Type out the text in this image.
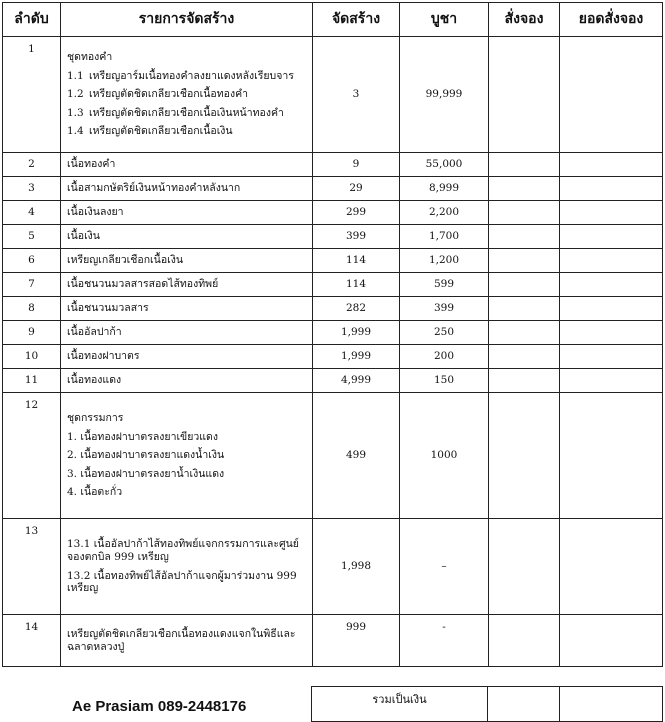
ลำดับ	รายการจัดสร้าง	จัดสร้าง	บูชา	สั่งจอง	ยอดสั่งจอง
1	ชุดทองคำ
1.1 เหรียญอาร์มเนื้อทองคำลงยาแดงหลังเรียบจาร
1.2 เหรียญตัดชิดเกลียวเชือกเนื้อทองคำ
1.3 เหรียญตัดชิดเกลียวเชือกเนื้อเงินหน้าทองคำ
1.4 เหรียญตัดชิดเกลียวเชือกเนื้อเงิน	3	99,999		
2	เนื้อทองคำ	9	55,000		
3	เนื้อสามกษัตริย์เงินหน้าทองคำหลังนาก	29	8,999		
4	เนื้อเงินลงยา	299	2,200		
5	เนื้อเงิน	399	1,700		
6	เหรียญเกลียวเชือกเนื้อเงิน	114	1,200		
7	เนื้อชนวนมวลสารสอดไส้ทองทิพย์	114	599		
8	เนื้อชนวนมวลสาร	282	399		
9	เนื้ออัลปาก้า	1,999	250		
10	เนื้อทองฝาบาตร	1,999	200		
11	เนื้อทองแดง	4,999	150		
12	ชุดกรรมการ
1. เนื้อทองฝาบาตรลงยาเขียวแดง
2. เนื้อทองฝาบาตรลงยาแดงน้ำเงิน
3. เนื้อทองฝาบาตรลงยาน้ำเงินแดง
4. เนื้อตะกั่ว	499	1000		
13	13.1 เนื้ออัลปาก้าไส้ทองทิพย์แจกกรรมการและศูนย์จองตกบิล 999 เหรียญ
13.2 เนื้อทองทิพย์ไส้อัลปาก้าแจกผู้มาร่วมงาน 999 เหรียญ	1,998	–		
14	เหรียญตัดชิดเกลียวเชือกเนื้อทองแดงแจกในพิธีและฉลาดหลวงปู่	999	-		
Ae Prasiam 089-2448176	รวมเป็นเงิน		
